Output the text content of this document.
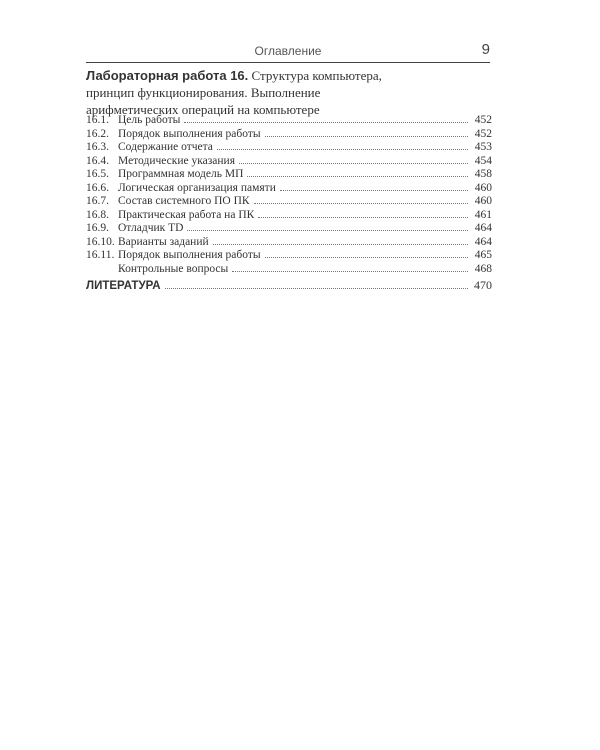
Оглавление	9
Лабораторная работа 16. Структура компьютера, принцип функционирования. Выполнение арифметических операций на компьютере
16.1. Цель работы	452
16.2. Порядок выполнения работы	452
16.3. Содержание отчета	453
16.4. Методические указания	454
16.5. Программная модель МП	458
16.6. Логическая организация памяти	460
16.7. Состав системного ПО ПК	460
16.8. Практическая работа на ПК	461
16.9. Отладчик TD	464
16.10. Варианты заданий	464
16.11. Порядок выполнения работы	465
Контрольные вопросы	468
ЛИТЕРАТУРА	470
